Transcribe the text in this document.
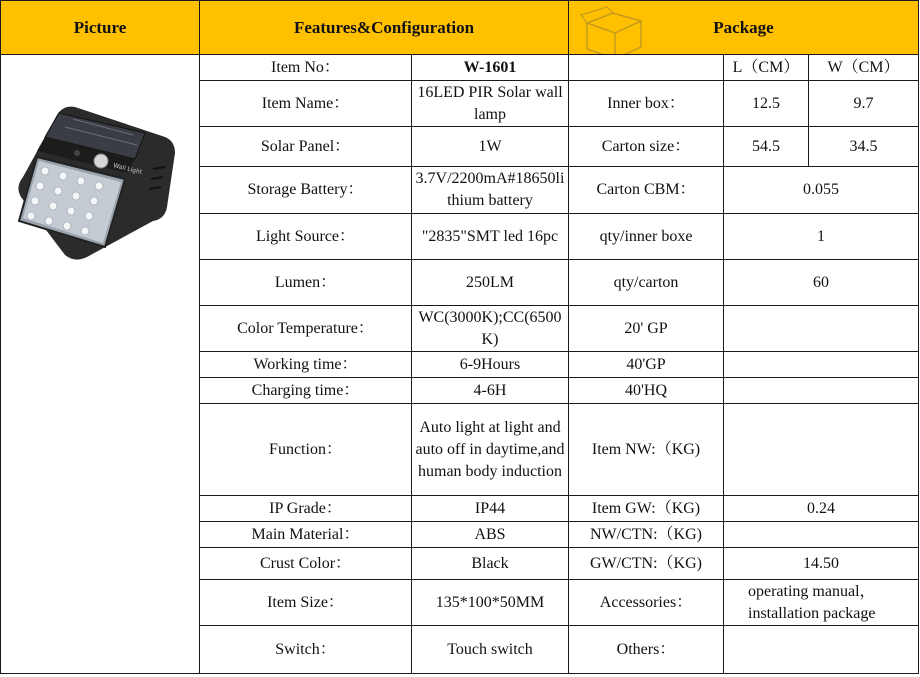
Picture	Features&Configuration		Package		

Wall Light	Item No：	W-1601		L（CM）	W（CM）
	Item Name：	16LED PIR Solar wall lamp	Inner box：	12.5	9.7
	Solar Panel：	1W	Carton size：	54.5	34.5
	Storage Battery：	3.7V/2200mA#18650lithium battery	Carton CBM：	0.055	
	Light Source：	"2835"SMT led 16pc	qty/inner boxe	1	
	Lumen：	250LM	qty/carton	60	
	Color Temperature：	WC(3000K);CC(6500K)	20' GP		
	Working time：	6-9Hours	40'GP		
	Charging time：	4-6H	40'HQ		
	Function：	Auto light at light and auto off in daytime,and human body induction	Item NW:（KG)		
	IP Grade：	IP44	Item GW:（KG)	0.24	
	Main Material：	ABS	NW/CTN:（KG)		
	Crust Color：	Black	GW/CTN:（KG)	14.50	
	Item Size：	135*100*50MM	Accessories：	operating manual，installation package	
	Switch：	Touch switch	Others：		
